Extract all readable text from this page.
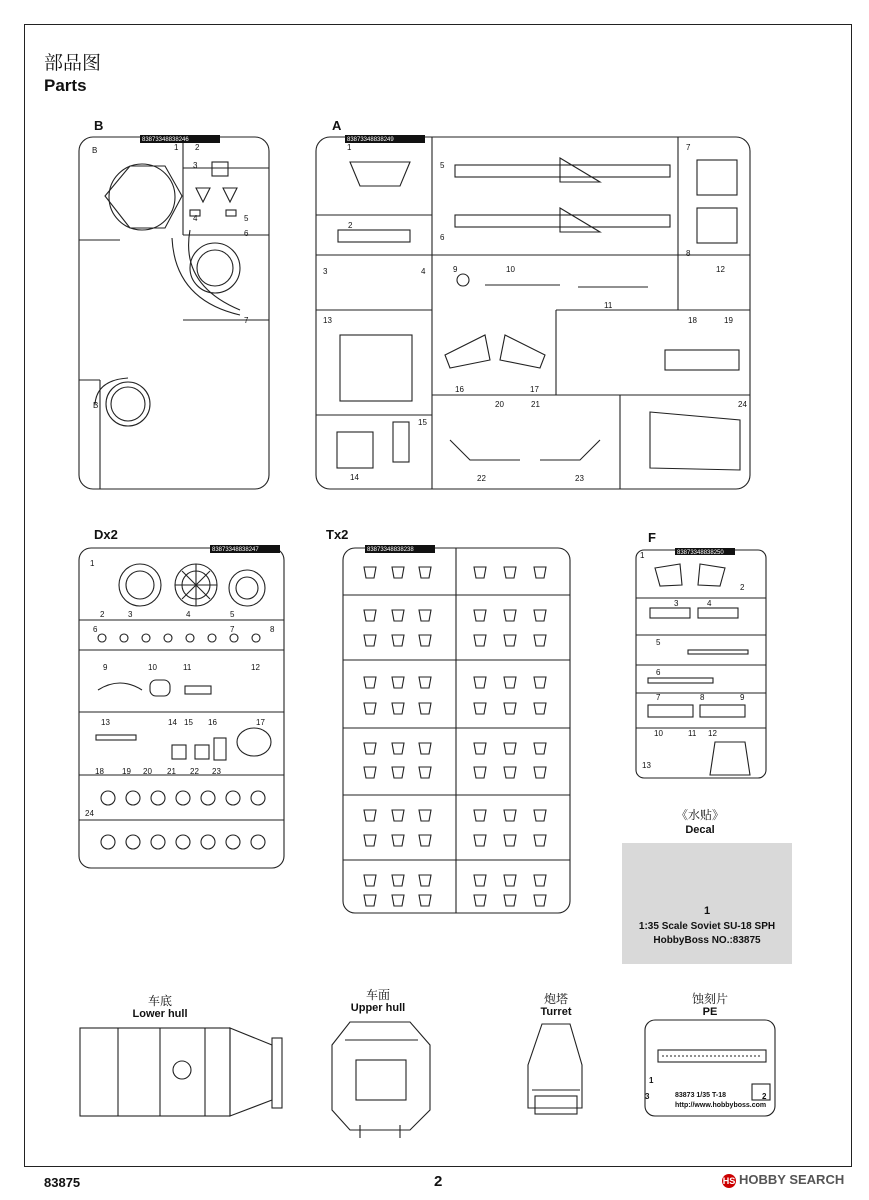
部品图
Parts
B	A
Dx2	Tx2	F
83873348838246	83873348838249
83873348838247	83873348838238	83873348838250
B	1 2
3
4	5
6
7
B
1
2
3	4
5
6
7
8
9	10
11
12
13
14
15
16	17
18	19
20	21
22	23
24
1
2	3	4	5
6	7	8
9	10	11	12
13	14 15 16	17
18 19 20 21 22 23
24
1
2
3	4
5
6
7	8	9
10	11 12
13
《水贴》
Decal
1
1:35 Scale Soviet SU-18 SPH
HobbyBoss NO.:83875
车底
Lower hull
车面
Upper hull
炮塔
Turret
蚀刻片
PE
1
3	2
83873 1/35 T-18
http://www.hobbyboss.com
83875	2	HS HOBBY SEARCH
